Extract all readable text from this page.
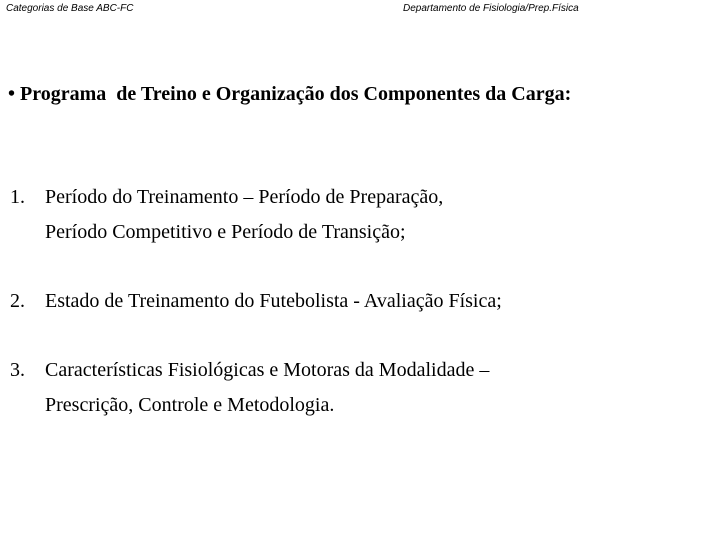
Categorias de Base ABC-FC	Departamento de Fisiologia/Prep.Física
• Programa  de Treino e Organização dos Componentes da Carga:
1. Período do Treinamento – Período de Preparação,
Período Competitivo e Período de Transição;
2. Estado de Treinamento do Futebolista - Avaliação Física;
3. Características Fisiológicas e Motoras da Modalidade –
Prescrição, Controle e Metodologia.
